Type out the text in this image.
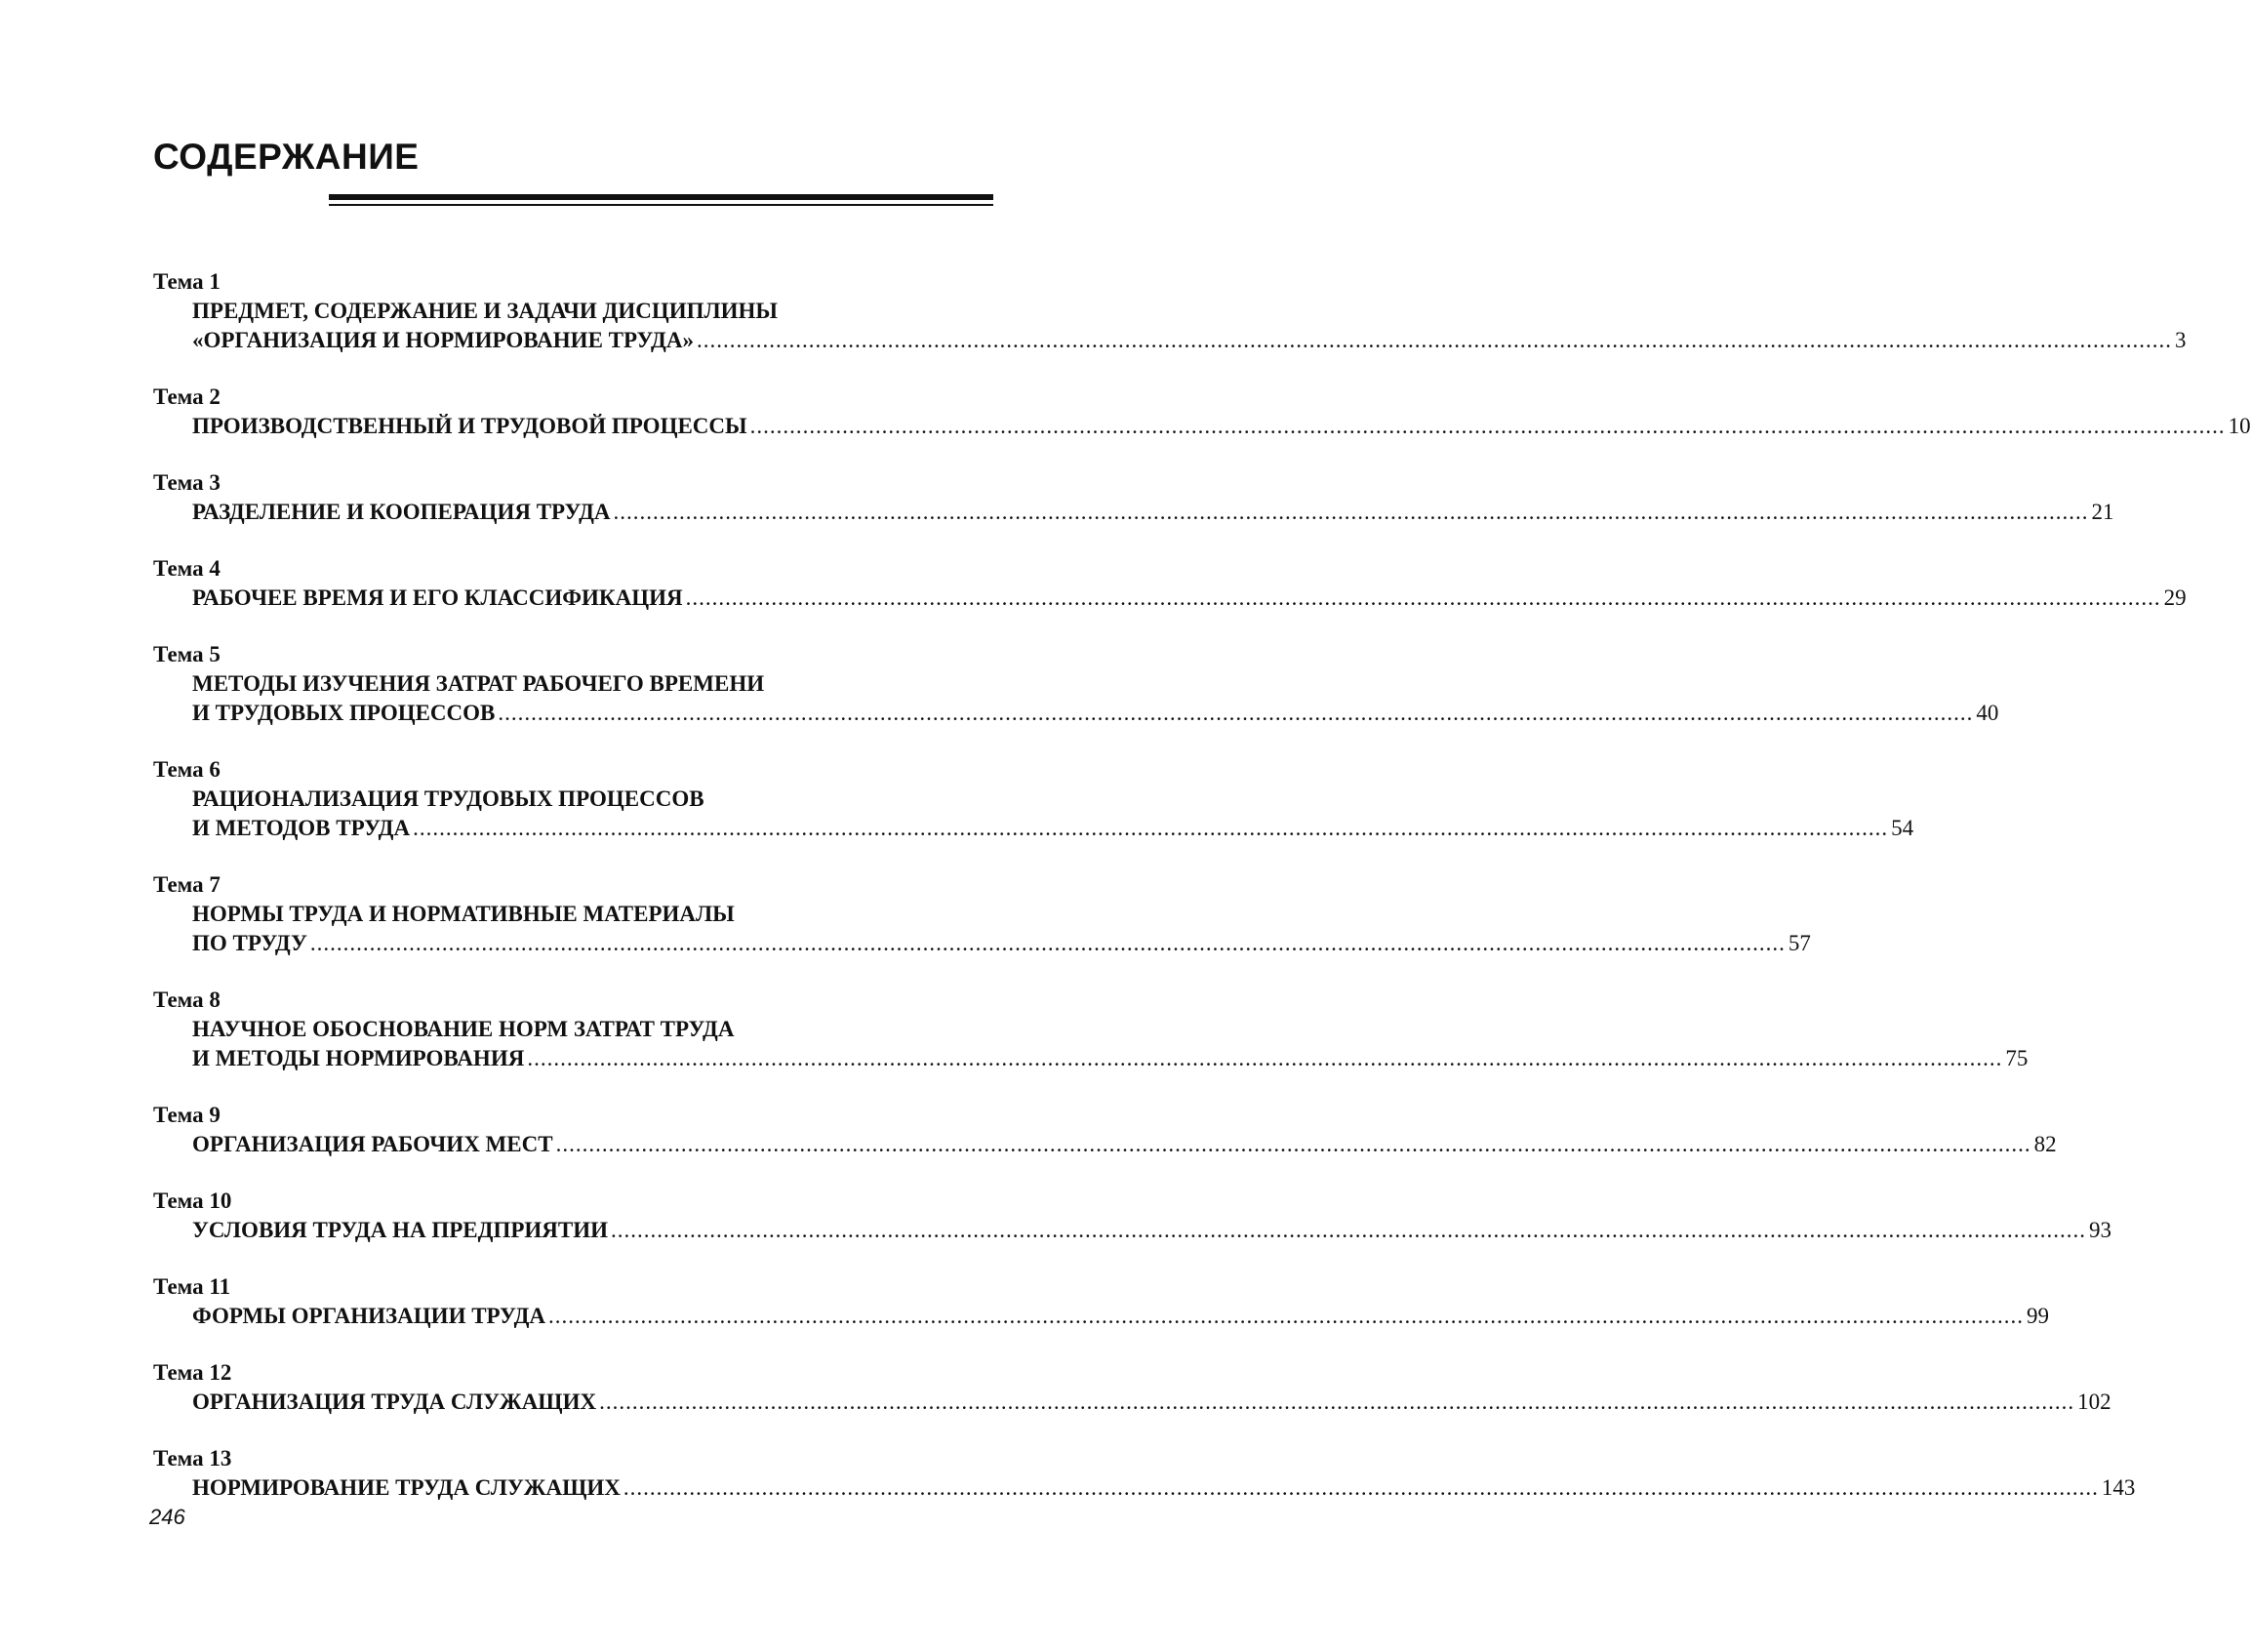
СОДЕРЖАНИЕ
Тема 1
ПРЕДМЕТ, СОДЕРЖАНИЕ И ЗАДАЧИ ДИСЦИПЛИНЫ
«ОРГАНИЗАЦИЯ И НОРМИРОВАНИЕ ТРУДА» ................................................................................................................................................................................................................................ 3
Тема 2
ПРОИЗВОДСТВЕННЫЙ И ТРУДОВОЙ ПРОЦЕССЫ ................................................................................................................................................................................................................................ 10
Тема 3
РАЗДЕЛЕНИЕ И КООПЕРАЦИЯ ТРУДА ................................................................................................................................................................................................................................ 21
Тема 4
РАБОЧЕЕ ВРЕМЯ И ЕГО КЛАССИФИКАЦИЯ ................................................................................................................................................................................................................................ 29
Тема 5
МЕТОДЫ ИЗУЧЕНИЯ ЗАТРАТ РАБОЧЕГО ВРЕМЕНИ
И ТРУДОВЫХ ПРОЦЕССОВ ................................................................................................................................................................................................................................ 40
Тема 6
РАЦИОНАЛИЗАЦИЯ ТРУДОВЫХ ПРОЦЕССОВ
И МЕТОДОВ ТРУДА ................................................................................................................................................................................................................................ 54
Тема 7
НОРМЫ ТРУДА И НОРМАТИВНЫЕ МАТЕРИАЛЫ
ПО ТРУДУ ................................................................................................................................................................................................................................ 57
Тема 8
НАУЧНОЕ ОБОСНОВАНИЕ НОРМ ЗАТРАТ ТРУДА
И МЕТОДЫ НОРМИРОВАНИЯ ................................................................................................................................................................................................................................ 75
Тема 9
ОРГАНИЗАЦИЯ РАБОЧИХ МЕСТ ................................................................................................................................................................................................................................ 82
Тема 10
УСЛОВИЯ ТРУДА НА ПРЕДПРИЯТИИ ................................................................................................................................................................................................................................ 93
Тема 11
ФОРМЫ ОРГАНИЗАЦИИ ТРУДА ................................................................................................................................................................................................................................ 99
Тема 12
ОРГАНИЗАЦИЯ ТРУДА СЛУЖАЩИХ ................................................................................................................................................................................................................................ 102
Тема 13
НОРМИРОВАНИЕ ТРУДА СЛУЖАЩИХ ................................................................................................................................................................................................................................ 143
246
